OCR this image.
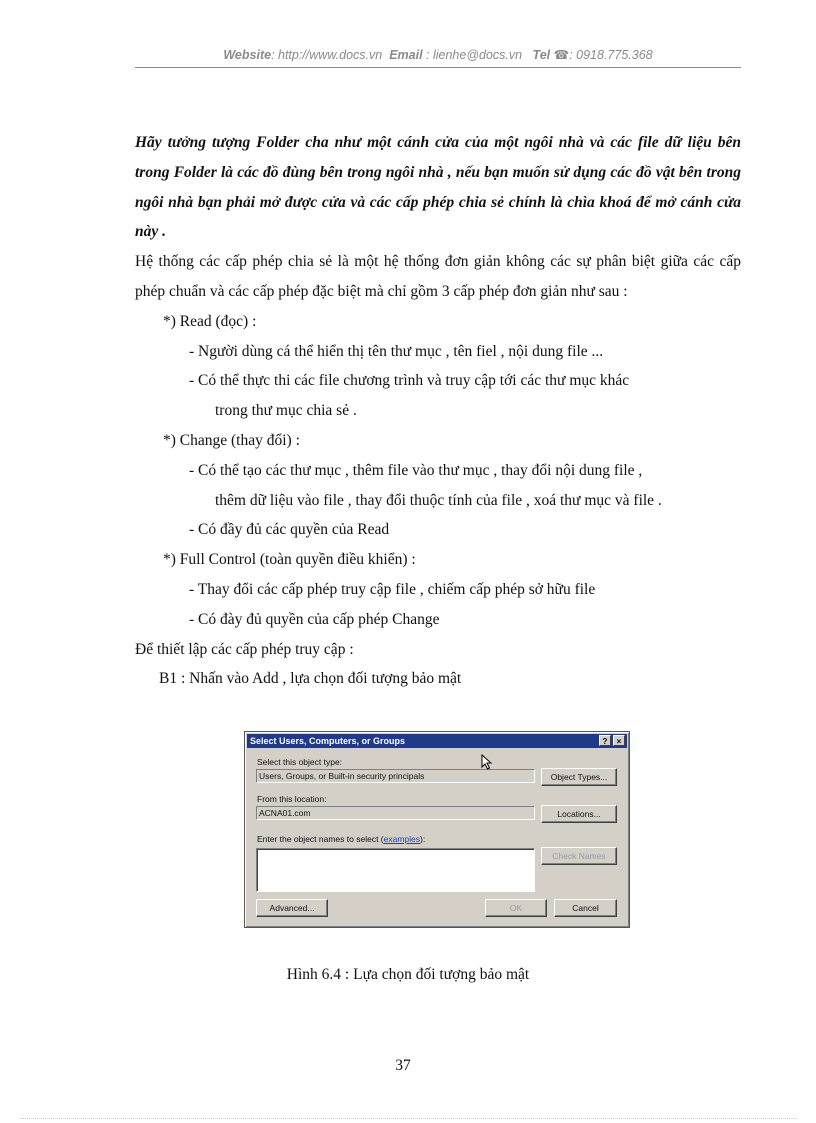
Website: http://www.docs.vn Email : lienhe@docs.vn Tel ☎: 0918.775.368

Hãy tưởng tượng Folder cha như một cánh cửa của một ngôi nhà và các file dữ liệu bên trong Folder là các đồ đùng bên trong ngôi nhà , nếu bạn muốn sử dụng các đồ vật bên trong ngôi nhà bạn phải mở được cửa và các cấp phép chia sẻ chính là chìa khoá để mở cánh cửa này .

Hệ thống các cấp phép chia sẻ là một hệ thống đơn giản không các sự phân biệt giữa các cấp phép chuẩn và các cấp phép đặc biệt mà chỉ gồm 3 cấp phép đơn giản như sau :

*) Read (đọc) :

- Người dùng cá thể hiển thị tên thư mục , tên fiel , nội dung file ...

- Có thể thực thi các file chương trình và truy cập tới các thư mục khác

trong thư mục chia sẻ .

*) Change (thay đổi) :

- Có thể tạo các thư mục , thêm file vào thư mục , thay đổi nội dung file ,

thêm dữ liệu vào file , thay đổi thuộc tính của file , xoá thư mục và file .

- Có đầy đủ các quyền của Read

*) Full Control (toàn quyền điều khiển) :

- Thay đổi các cấp phép truy cập file , chiếm cấp phép sở hữu file

- Có đày đủ quyền của cấp phép Change

Để thiết lập các cấp phép truy cập :

B1 : Nhấn vào Add , lựa chọn đối tượng bảo mật

Select Users, Computers, or Groups	?	×
Select this object type:
Users, Groups, or Built-in security principals	Object Types...
From this location:
ACNA01.com	Locations...
Enter the object names to select (examples):
Check Names
Advanced...	OK	Cancel
Hình 6.4 : Lựa chọn đối tượng bảo mật
37
